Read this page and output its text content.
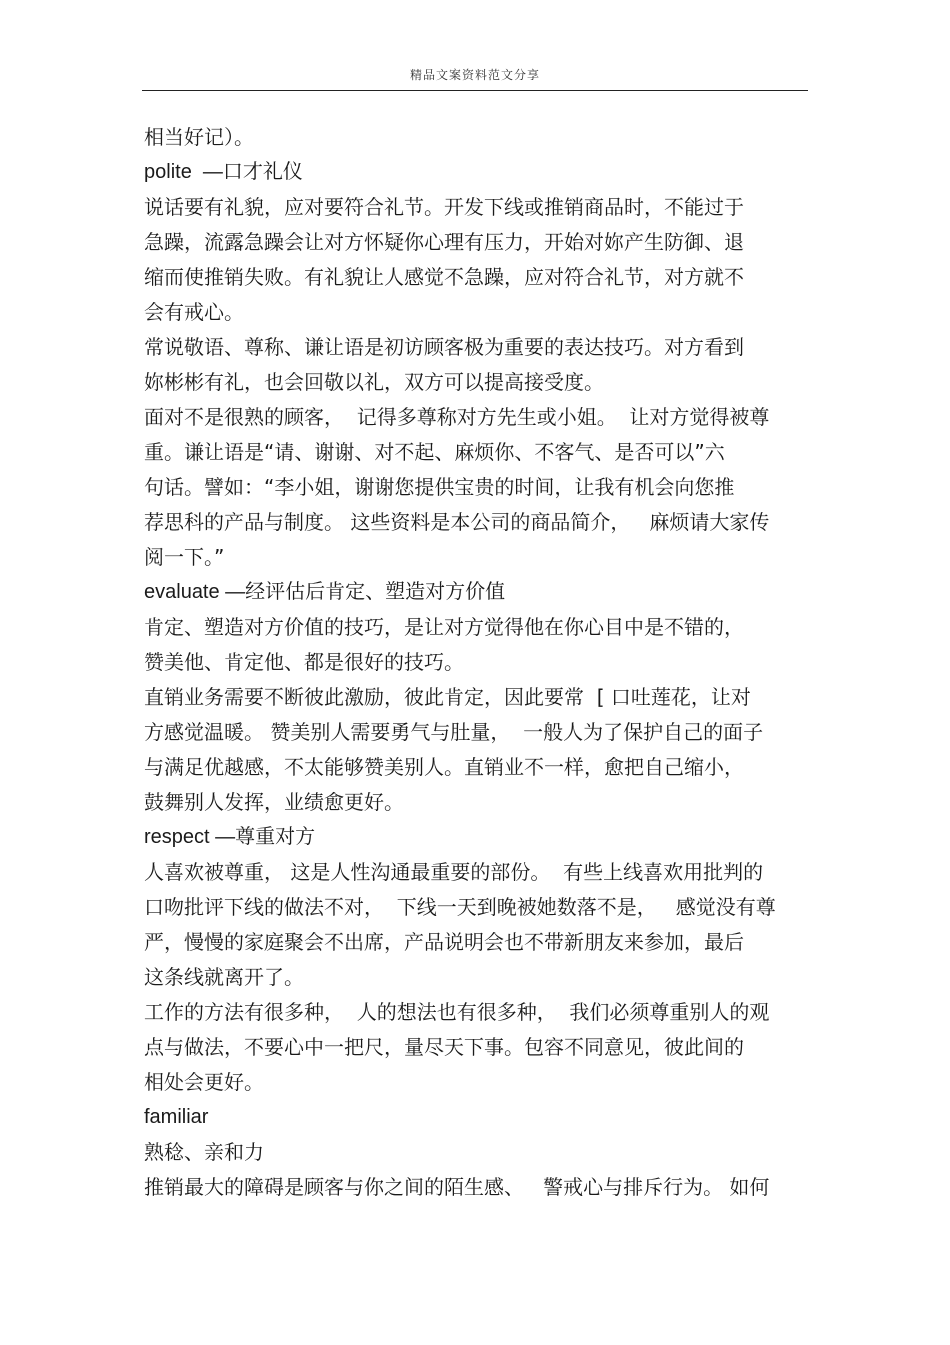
精品文案资料范文分享
相当好记）。
polite  —口才礼仪
说话要有礼貌，应对要符合礼节。开发下线或推销商品时，不能过于
急躁，流露急躁会让对方怀疑你心理有压力，开始对妳产生防御、退
缩而使推销失败。有礼貌让人感觉不急躁，应对符合礼节，对方就不
会有戒心。
常说敬语、尊称、谦让语是初访顾客极为重要的表达技巧。对方看到
妳彬彬有礼，也会回敬以礼，双方可以提高接受度。
面对不是很熟的顾客，  记得多尊称对方先生或小姐。  让对方觉得被尊
重。谦让语是“请、谢谢、对不起、麻烦你、不客气、是否可以”六
句话。譬如：“李小姐，谢谢您提供宝贵的时间，让我有机会向您推
荐思科的产品与制度。 这些资料是本公司的商品简介，   麻烦请大家传
阅一下。”
evaluate —经评估后肯定、塑造对方价值
肯定、塑造对方价值的技巧，是让对方觉得他在你心目中是不错的，
赞美他、肯定他、都是很好的技巧。
直销业务需要不断彼此激励，彼此肯定，因此要常  [ 口吐莲花，让对
方感觉温暖。 赞美别人需要勇气与肚量，  一般人为了保护自己的面子
与满足优越感，不太能够赞美别人。直销业不一样，愈把自己缩小，
鼓舞别人发挥，业绩愈更好。
respect —尊重对方
人喜欢被尊重， 这是人性沟通最重要的部份。  有些上线喜欢用批判的
口吻批评下线的做法不对，  下线一天到晚被她数落不是，   感觉没有尊
严，慢慢的家庭聚会不出席，产品说明会也不带新朋友来参加，最后
这条线就离开了。
工作的方法有很多种，  人的想法也有很多种，  我们必须尊重别人的观
点与做法，不要心中一把尺，量尽天下事。包容不同意见，彼此间的
相处会更好。
familiar
熟稔、亲和力
推销最大的障碍是顾客与你之间的陌生感、   警戒心与排斥行为。 如何
